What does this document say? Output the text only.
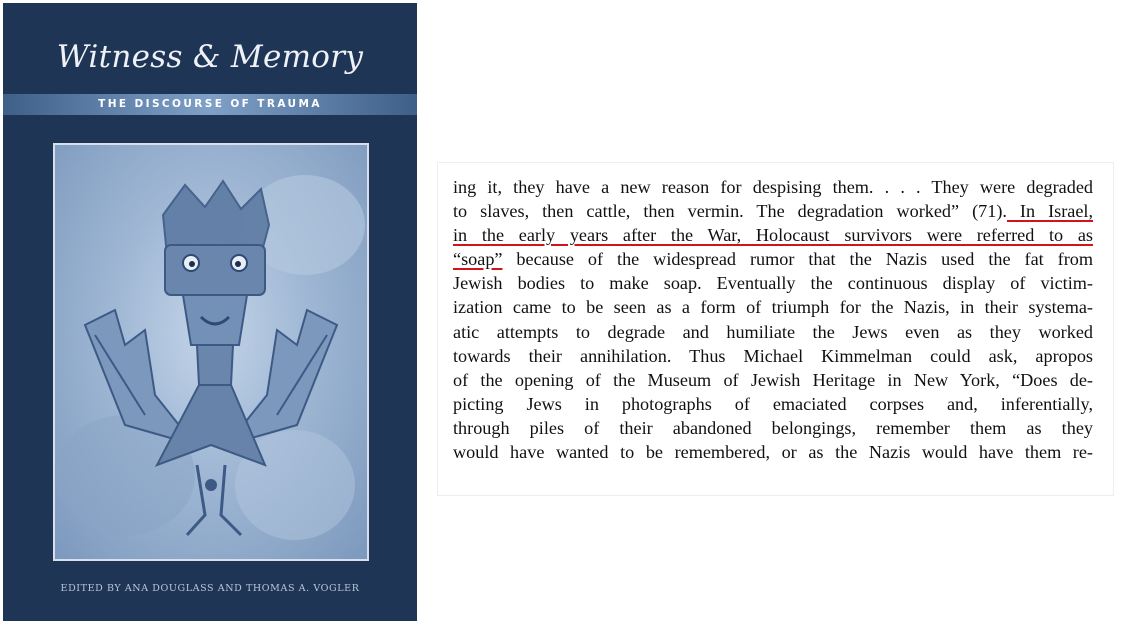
Witness & Memory
THE DISCOURSE OF TRAUMA
EDITED BY ANA DOUGLASS AND THOMAS A. VOGLER
ing it, they have a new reason for despising them. . . . They were degraded
to slaves, then cattle, then vermin. The degradation worked” (71). In Israel,
in the early years after the War, Holocaust survivors were referred to as
“soap” because of the widespread rumor that the Nazis used the fat from
Jewish bodies to make soap. Eventually the continuous display of victim-
ization came to be seen as a form of triumph for the Nazis, in their systema-
atic attempts to degrade and humiliate the Jews even as they worked
towards their annihilation. Thus Michael Kimmelman could ask, apropos
of the opening of the Museum of Jewish Heritage in New York, “Does de-
picting Jews in photographs of emaciated corpses and, inferentially,
through piles of their abandoned belongings, remember them as they
would have wanted to be remembered, or as the Nazis would have them re-
